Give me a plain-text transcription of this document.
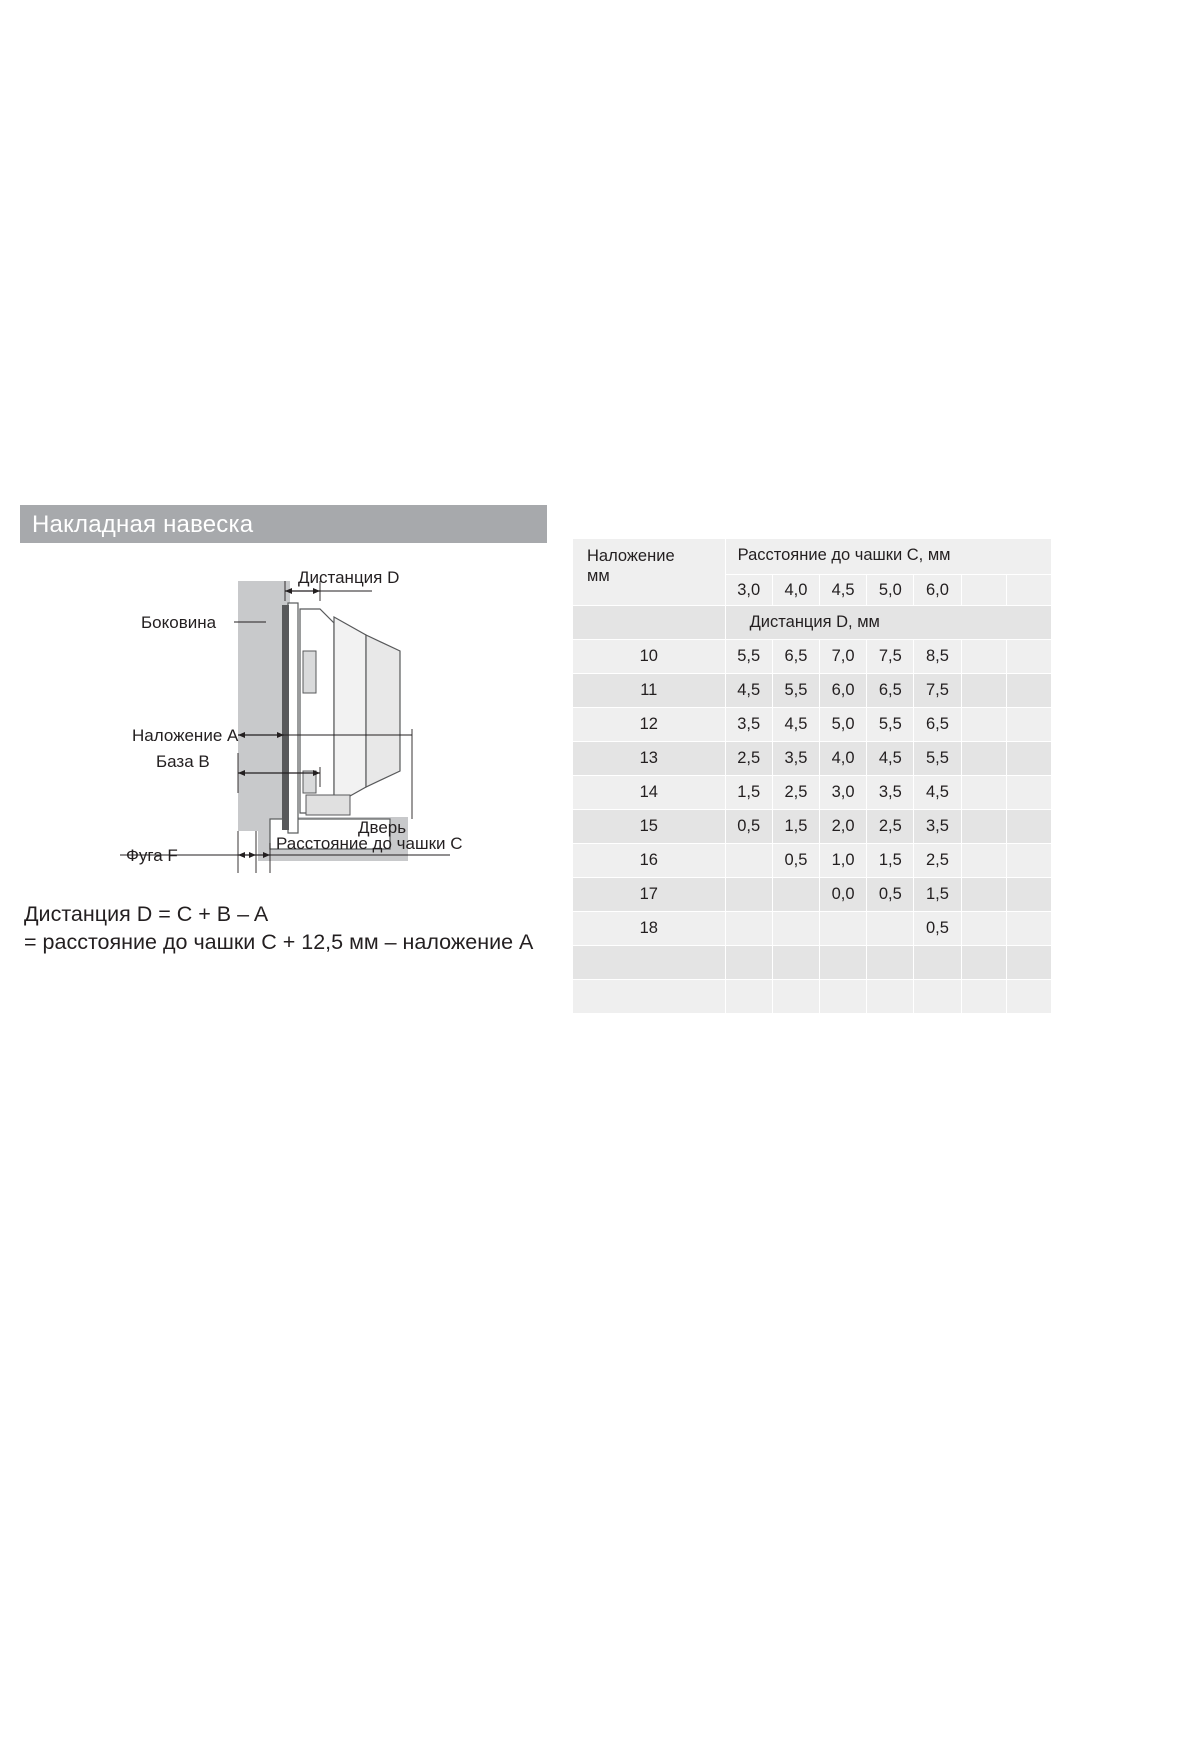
Накладная навеска
Дистанция D
Боковина
Наложение A
База B
Дверь
Фуга F
Расстояние до чашки C
Дистанция D = C + B – A
= расстояние до чашки C + 12,5 мм – наложение A
Наложение
мм	Расстояние до чашки C, мм						
	3,0	4,0	4,5	5,0	6,0		
	Дистанция D, мм						
10	5,5	6,5	7,0	7,5	8,5		
11	4,5	5,5	6,0	6,5	7,5		
12	3,5	4,5	5,0	5,5	6,5		
13	2,5	3,5	4,0	4,5	5,5		
14	1,5	2,5	3,0	3,5	4,5		
15	0,5	1,5	2,0	2,5	3,5		
16		0,5	1,0	1,5	2,5		
17			0,0	0,5	1,5		
18					0,5		
